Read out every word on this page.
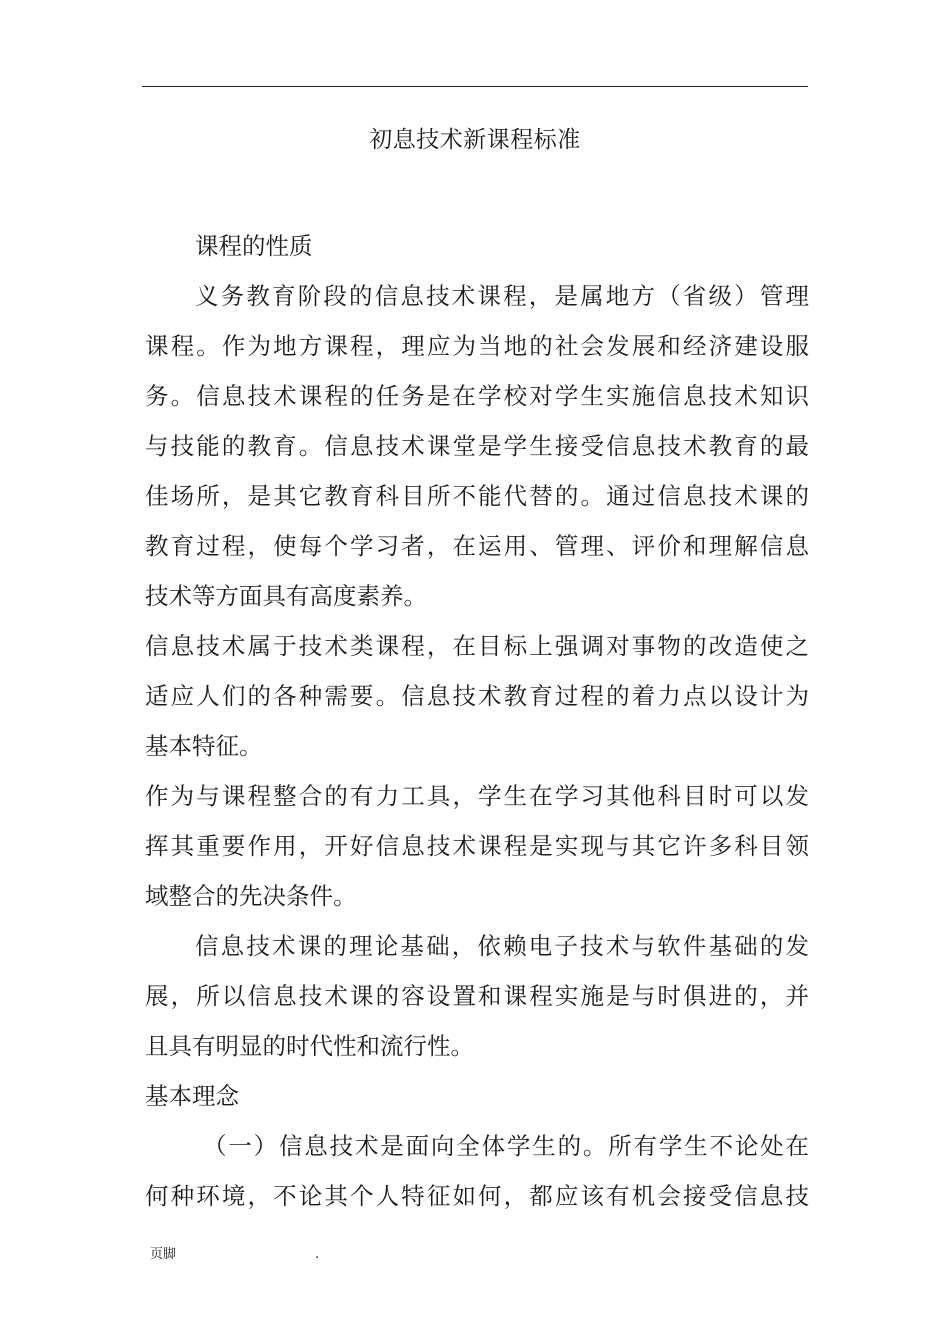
初息技术新课程标准
课程的性质
义务教育阶段的信息技术课程，是属地方（省级）管理
课程。作为地方课程，理应为当地的社会发展和经济建设服
务。信息技术课程的任务是在学校对学生实施信息技术知识
与技能的教育。信息技术课堂是学生接受信息技术教育的最
佳场所，是其它教育科目所不能代替的。通过信息技术课的
教育过程，使每个学习者，在运用、管理、评价和理解信息
技术等方面具有高度素养。
信息技术属于技术类课程，在目标上强调对事物的改造使之
适应人们的各种需要。信息技术教育过程的着力点以设计为
基本特征。
作为与课程整合的有力工具，学生在学习其他科目时可以发
挥其重要作用，开好信息技术课程是实现与其它许多科目领
域整合的先决条件。
信息技术课的理论基础，依赖电子技术与软件基础的发
展，所以信息技术课的容设置和课程实施是与时俱进的，并
且具有明显的时代性和流行性。
基本理念
（一）信息技术是面向全体学生的。所有学生不论处在
何种环境，不论其个人特征如何，都应该有机会接受信息技
页脚	.
